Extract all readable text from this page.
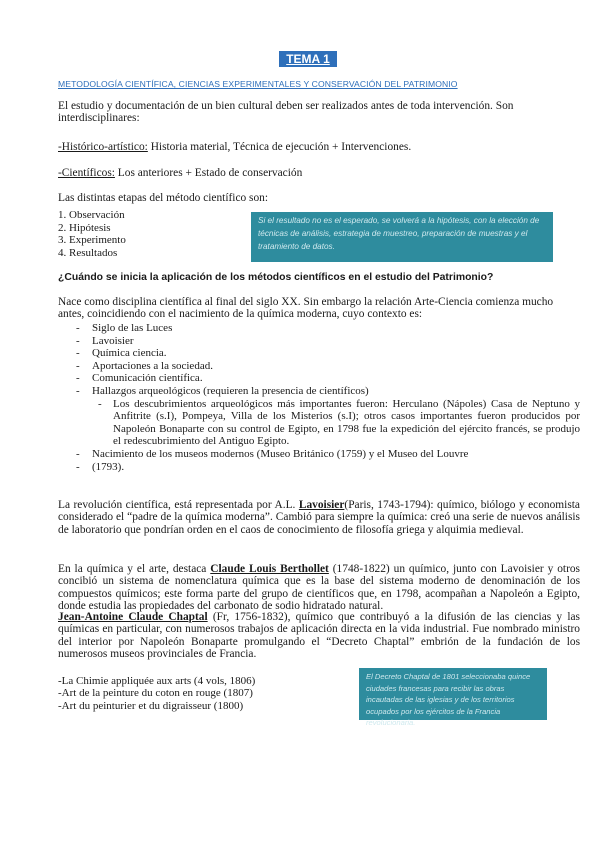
TEMA 1
METODOLOGÍA CIENTÍFICA, CIENCIAS EXPERIMENTALES Y CONSERVACIÓN DEL PATRIMONIO
El estudio y documentación de un bien cultural deben ser realizados antes de toda intervención. Son interdisciplinares:
-Histórico-artístico: Historia material, Técnica de ejecución + Intervenciones.
-Científicos: Los anteriores + Estado de conservación
Las distintas etapas del método científico son:
1. Observación
2. Hipótesis
3. Experimento
4. Resultados
Si el resultado no es el esperado, se volverá a la hipótesis, con la elección de técnicas de análisis, estrategia de muestreo, preparación de muestras y el tratamiento de datos.
¿Cuándo se inicia la aplicación de los métodos científicos en el estudio del Patrimonio?
Nace como disciplina científica al final del siglo XX. Sin embargo la relación Arte-Ciencia comienza mucho antes, coincidiendo con el nacimiento de la química moderna, cuyo contexto es:
- Siglo de las Luces
- Lavoisier
- Química ciencia.
- Aportaciones a la sociedad.
- Comunicación científica.
- Hallazgos arqueológicos (requieren la presencia de científicos)
- Los descubrimientos arqueológicos más importantes fueron: Herculano (Nápoles) Casa de Neptuno y Anfitrite (s.I), Pompeya, Villa de los Misterios (s.I); otros casos importantes fueron producidos por Napoleón Bonaparte con su control de Egipto, en 1798 fue la expedición del ejército francés, se produjo el redescubrimiento del Antiguo Egipto.
- Nacimiento de los museos modernos (Museo Británico (1759) y el Museo del Louvre
- (1793).
La revolución científica, está representada por A.L. Lavoisier(Paris, 1743-1794): químico, biólogo y economista considerado el “padre de la química moderna”. Cambió para siempre la química: creó una serie de nuevos análisis de laboratorio que pondrían orden en el caos de conocimiento de filosofía griega y alquimia medieval.
En la química y el arte, destaca Claude Louis Berthollet (1748-1822) un químico, junto con Lavoisier y otros concibió un sistema de nomenclatura química que es la base del sistema moderno de denominación de los compuestos químicos; este forma parte del grupo de científicos que, en 1798, acompañan a Napoleón a Egipto, donde estudia las propiedades del carbonato de sodio hidratado natural.
Jean-Antoine Claude Chaptal (Fr, 1756-1832), químico que contribuyó a la difusión de las ciencias y las químicas en particular, con numerosos trabajos de aplicación directa en la vida industrial. Fue nombrado ministro del interior por Napoleón Bonaparte promulgando el “Decreto Chaptal” embrión de la fundación de los numerosos museos provinciales de Francia.
-La Chimie appliquée aux arts (4 vols, 1806)
-Art de la peinture du coton en rouge (1807)
-Art du peinturier et du digraisseur (1800)
El Decreto Chaptal de 1801 seleccionaba quince ciudades francesas para recibir las obras incautadas de las iglesias y de los territorios ocupados por los ejércitos de la Francia revolucionaria.
